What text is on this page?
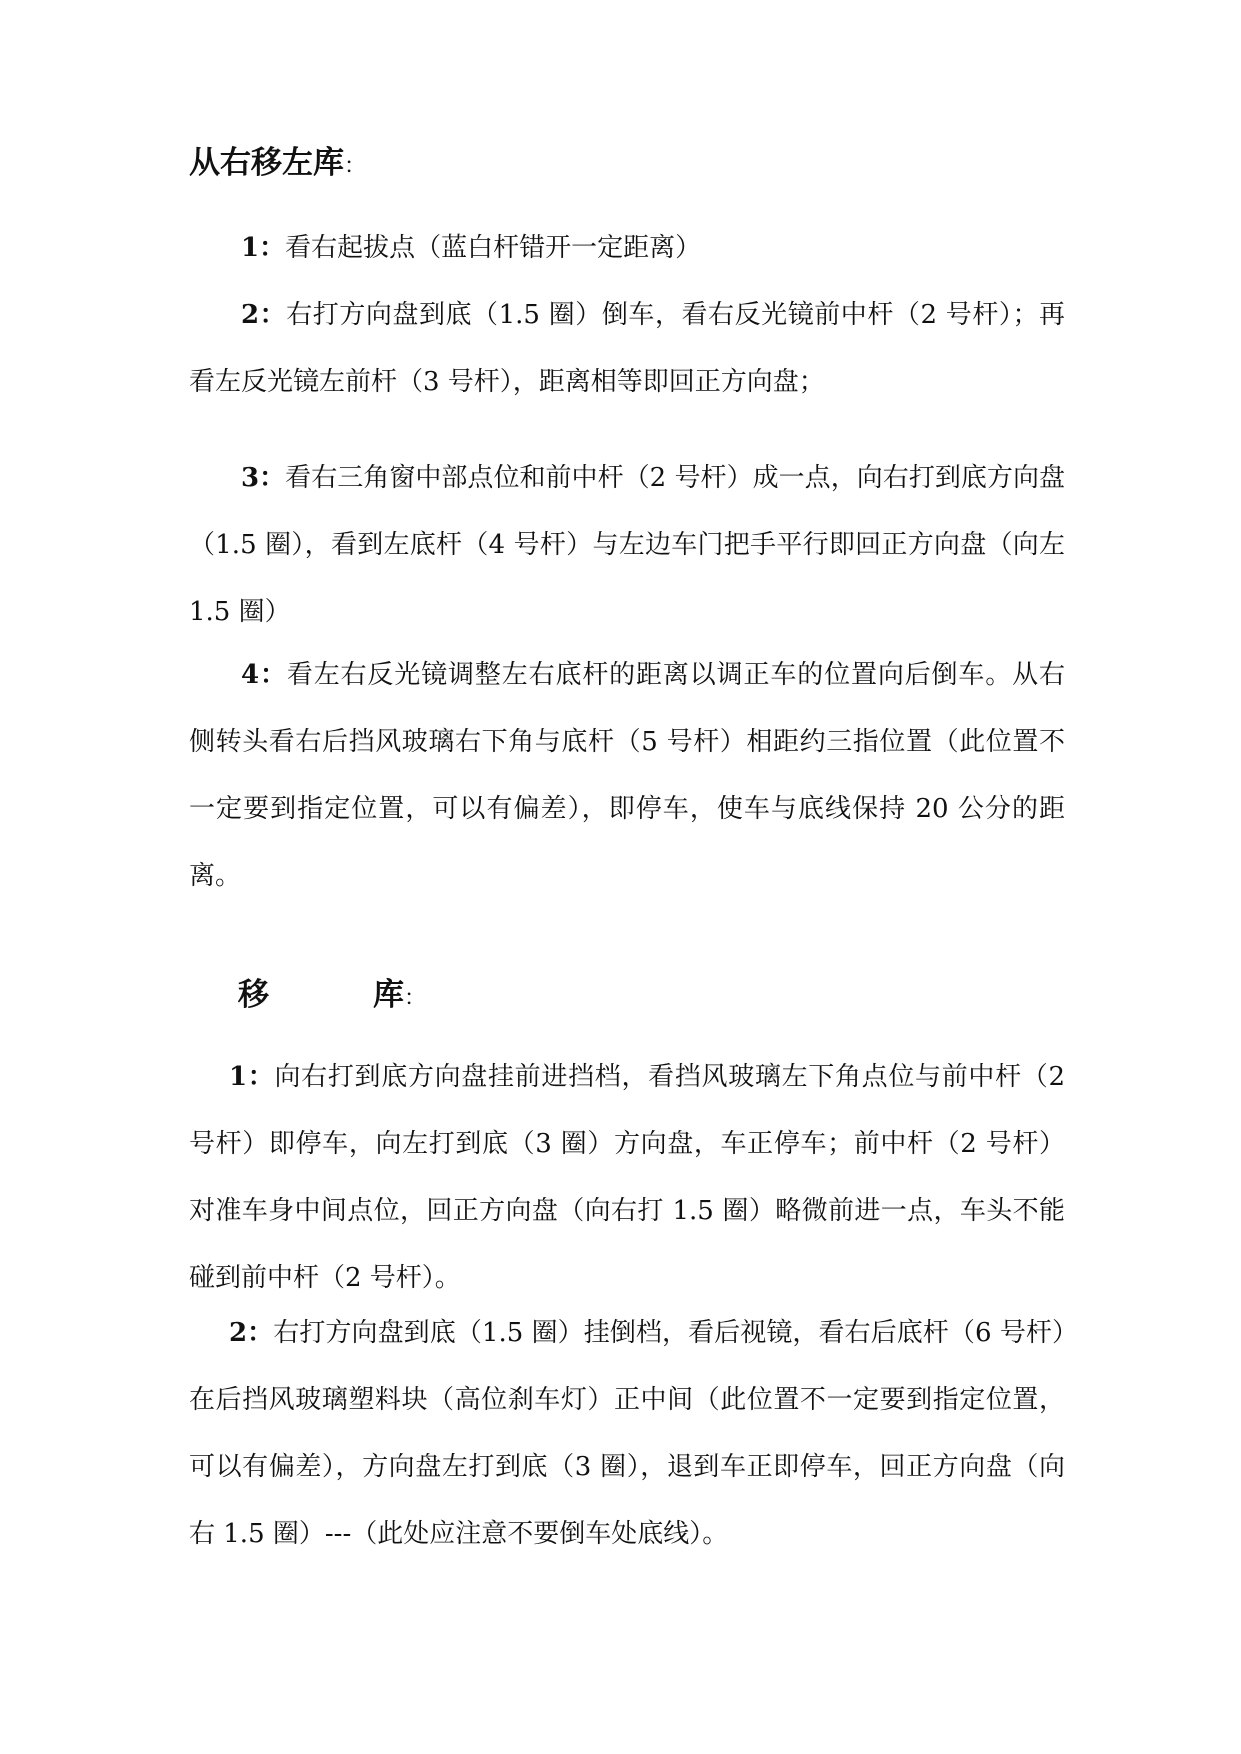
从右移左库：
1：看右起拔点（蓝白杆错开一定距离）
2：右打方向盘到底（1.5 圈）倒车，看右反光镜前中杆（2 号杆）；再看左反光镜左前杆（3 号杆），距离相等即回正方向盘；
3：看右三角窗中部点位和前中杆（2 号杆）成一点，向右打到底方向盘（1.5 圈），看到左底杆（4 号杆）与左边车门把手平行即回正方向盘（向左 1.5 圈）
4：看左右反光镜调整左右底杆的距离以调正车的位置向后倒车。从右侧转头看右后挡风玻璃右下角与底杆（5 号杆）相距约三指位置（此位置不一定要到指定位置，可以有偏差），即停车，使车与底线保持 20 公分的距离。
移	库：
1：向右打到底方向盘挂前进挡档，看挡风玻璃左下角点位与前中杆（2 号杆）即停车，向左打到底（3 圈）方向盘，车正停车；前中杆（2 号杆）对准车身中间点位，回正方向盘（向右打 1.5 圈）略微前进一点，车头不能碰到前中杆（2 号杆）。
2：右打方向盘到底（1.5 圈）挂倒档，看后视镜，看右后底杆（6 号杆）在后挡风玻璃塑料块（高位刹车灯）正中间（此位置不一定要到指定位置，可以有偏差），方向盘左打到底（3 圈），退到车正即停车，回正方向盘（向右 1.5 圈）---（此处应注意不要倒车处底线）。
